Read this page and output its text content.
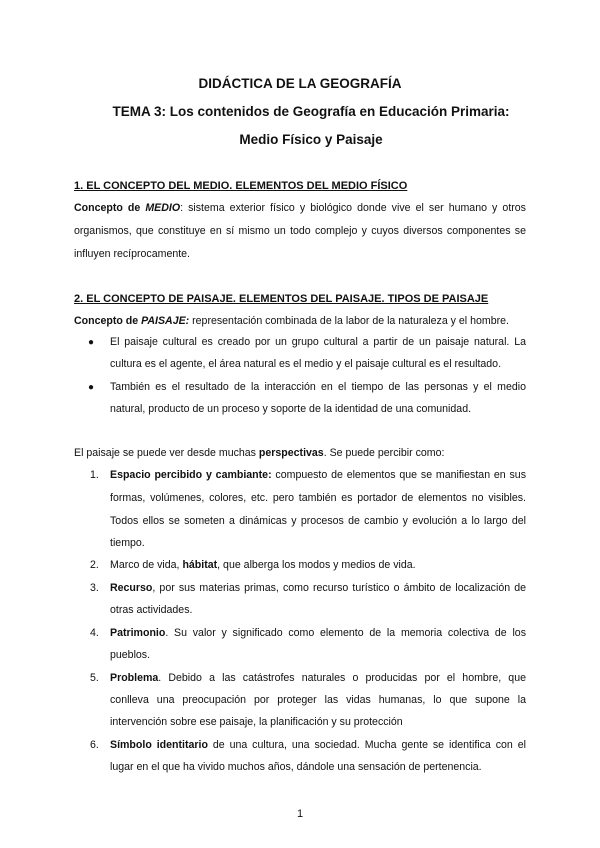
DIDÁCTICA DE LA GEOGRAFÍA

TEMA 3: Los contenidos de Geografía en Educación Primaria:

Medio Físico y Paisaje

1. EL CONCEPTO DEL MEDIO. ELEMENTOS DEL MEDIO FÍSICO

Concepto de MEDIO: sistema exterior físico y biológico donde vive el ser humano y otros

organismos, que constituye en sí mismo un todo complejo y cuyos diversos componentes se

influyen recíprocamente.

2. EL CONCEPTO DE PAISAJE. ELEMENTOS DEL PAISAJE. TIPOS DE PAISAJE

Concepto de PAISAJE: representación combinada de la labor de la naturaleza y el hombre.

● El paisaje cultural es creado por un grupo cultural a partir de un paisaje natural. La

cultura es el agente, el área natural es el medio y el paisaje cultural es el resultado.

● También es el resultado de la interacción en el tiempo de las personas y el medio

natural, producto de un proceso y soporte de la identidad de una comunidad.

El paisaje se puede ver desde muchas perspectivas. Se puede percibir como:

1. Espacio percibido y cambiante: compuesto de elementos que se manifiestan en sus

formas, volúmenes, colores, etc. pero también es portador de elementos no visibles.

Todos ellos se someten a dinámicas y procesos de cambio y evolución a lo largo del

tiempo.

2. Marco de vida, hábitat, que alberga los modos y medios de vida.

3. Recurso, por sus materias primas, como recurso turístico o ámbito de localización de

otras actividades.

4. Patrimonio. Su valor y significado como elemento de la memoria colectiva de los

pueblos.

5. Problema. Debido a las catástrofes naturales o producidas por el hombre, que

conlleva una preocupación por proteger las vidas humanas, lo que supone la

intervención sobre ese paisaje, la planificación y su protección

6. Símbolo identitario de una cultura, una sociedad. Mucha gente se identifica con el

lugar en el que ha vivido muchos años, dándole una sensación de pertenencia.

1
